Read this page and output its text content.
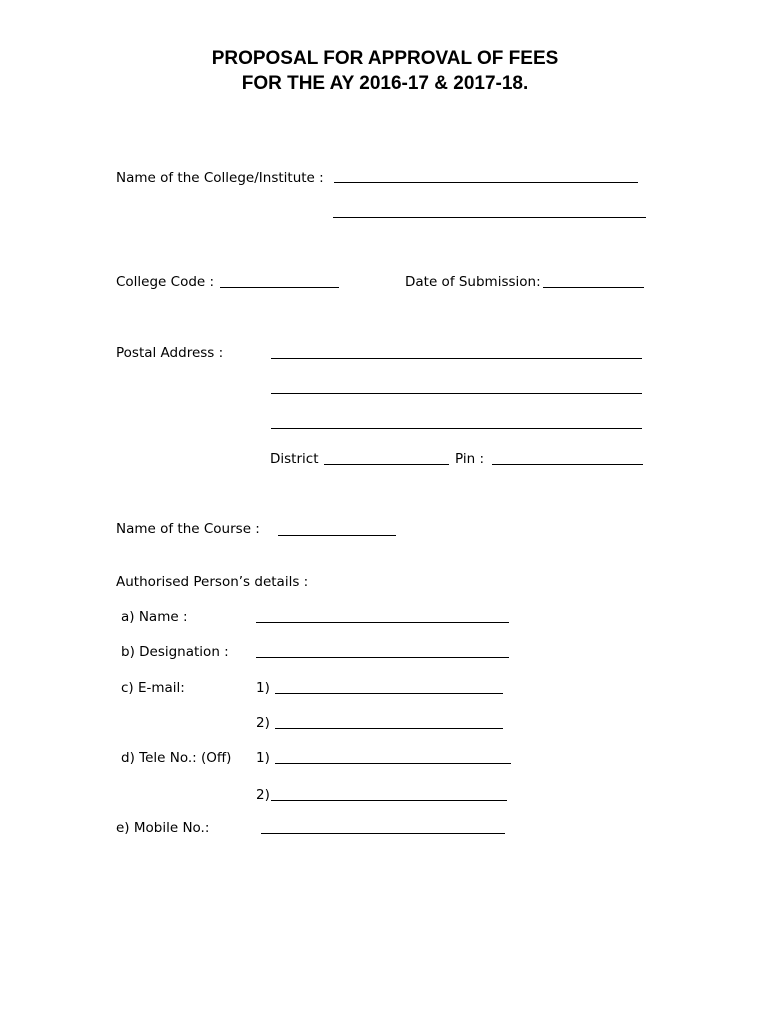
PROPOSAL FOR APPROVAL OF FEES
FOR THE AY 2016-17 & 2017-18.
Name of the College/Institute :
College Code :	Date of Submission:
Postal Address :
District	Pin :
Name of the Course :
Authorised Person’s details :
a) Name :
b) Designation :
c) E-mail:	1)
2)
d) Tele No.: (Off) 1)
2)
e) Mobile No.:
